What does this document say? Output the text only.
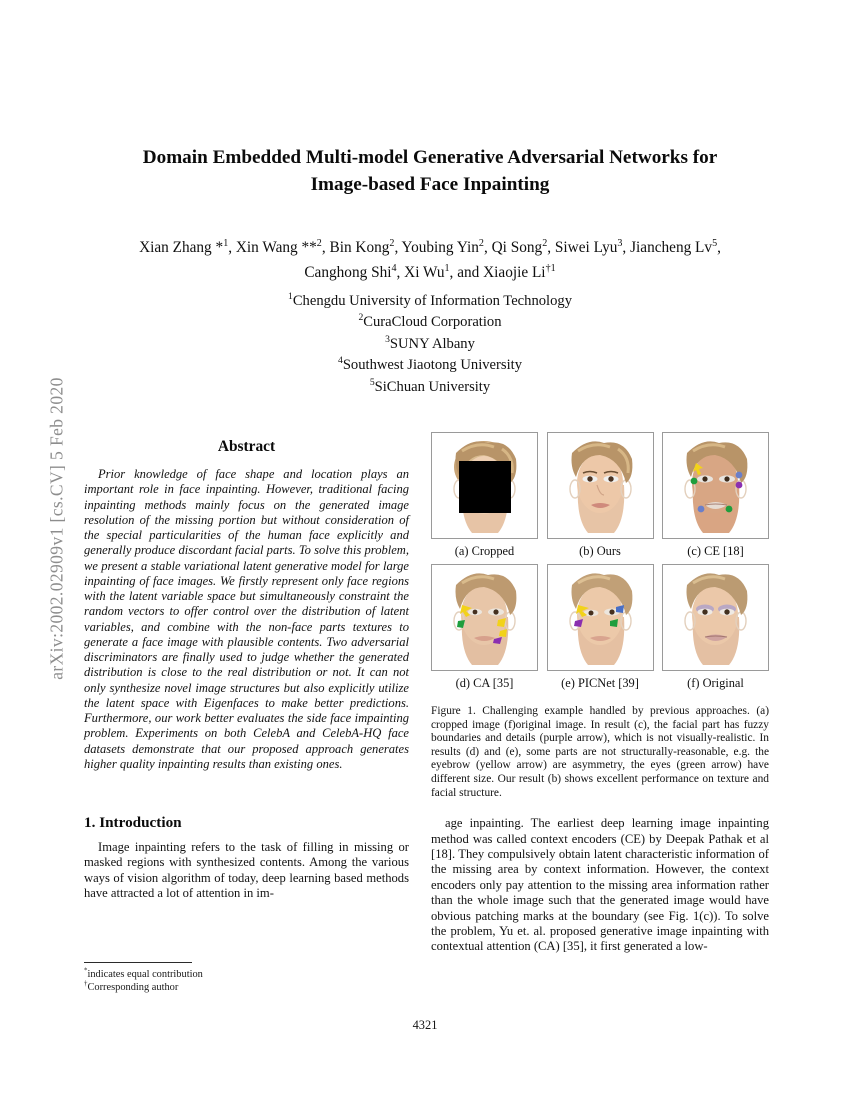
arXiv:2002.02909v1 [cs.CV] 5 Feb 2020
Domain Embedded Multi-model Generative Adversarial Networks for
Image-based Face Inpainting
Xian Zhang *$^1$, Xin Wang **$^2$, Bin Kong$^2$, Youbing Yin$^2$, Qi Song$^2$, Siwei Lyu$^3$, Jiancheng Lv$^5$,
Canghong Shi$^4$, Xi Wu$^1$, and Xiaojie Li$^{\dagger 1}$
$^1$Chengdu University of Information Technology
$^2$CuraCloud Corporation
$^3$SUNY Albany
$^4$Southwest Jiaotong University
$^5$SiChuan University
Abstract

Prior knowledge of face shape and location plays an important role in face inpainting. However, traditional facing inpainting methods mainly focus on the generated image resolution of the missing portion but without consideration of the special particularities of the human face explicitly and generally produce discordant facial parts. To solve this problem, we present a stable variational latent generative model for large inpainting of face images. We firstly represent only face regions with the latent variable space but simultaneously constraint the random vectors to offer control over the distribution of latent variables, and combine with the non-face parts textures to generate a face image with plausible contents. Two adversarial discriminators are finally used to judge whether the generated distribution is close to the real distribution or not. It can not only synthesize novel image structures but also explicitly utilize the latent space with Eigenfaces to make better predictions. Furthermore, our work better evaluates the side face impainting problem. Experiments on both CelebA and CelebA-HQ face datasets demonstrate that our proposed approach generates higher quality inpainting results than existing ones.

1. Introduction

Image inpainting refers to the task of filling in missing or masked regions with synthesized contents. Among the various ways of vision algorithm of today, deep learning based methods have attracted a lot of attention in im-

(a) Cropped	(b) Ours	(c) CE [18]
(d) CA [35]	(e) PICNet [39]	(f) Original
Figure 1. Challenging example handled by previous approaches. (a) cropped image (f)original image. In result (c), the facial part has fuzzy boundaries and details (purple arrow), which is not visually-realistic. In results (d) and (e), some parts are not structurally-reasonable, e.g. the eyebrow (yellow arrow) are asymmetry, the eyes (green arrow) have different size. Our result (b) shows excellent performance on texture and facial structure.

age inpainting. The earliest deep learning image inpainting method was called context encoders (CE) by Deepak Pathak et al [18]. They compulsively obtain latent characteristic information of the missing area by context information. However, the context encoders only pay attention to the missing area information rather than the whole image such that the generated image would have obvious patching marks at the boundary (see Fig. 1(c)). To solve the problem, Yu et. al. proposed generative image inpainting with contextual attention (CA) [35], it first generated a low-

*indicates equal contribution
†Corresponding author
4321
